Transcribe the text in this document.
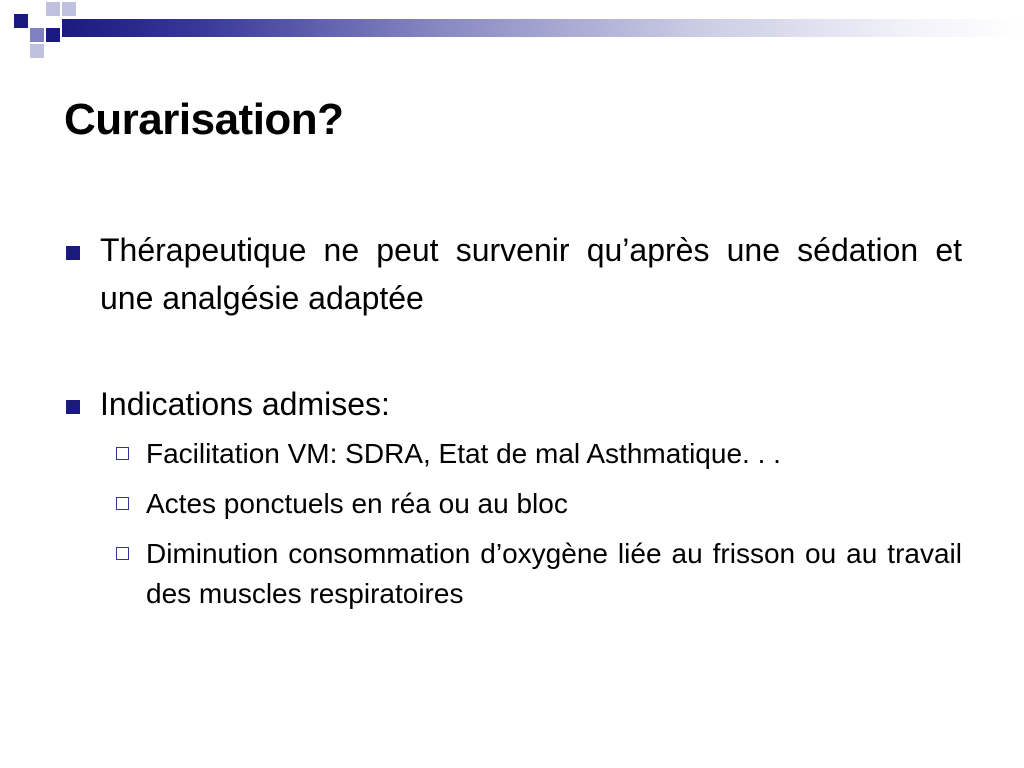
Curarisation?
Thérapeutique ne peut survenir qu’après une sédation et une analgésie adaptée
Indications admises:
Facilitation VM: SDRA, Etat de mal Asthmatique. . .
Actes ponctuels en réa ou au bloc
Diminution consommation d’oxygène liée au frisson ou au travail des muscles respiratoires
